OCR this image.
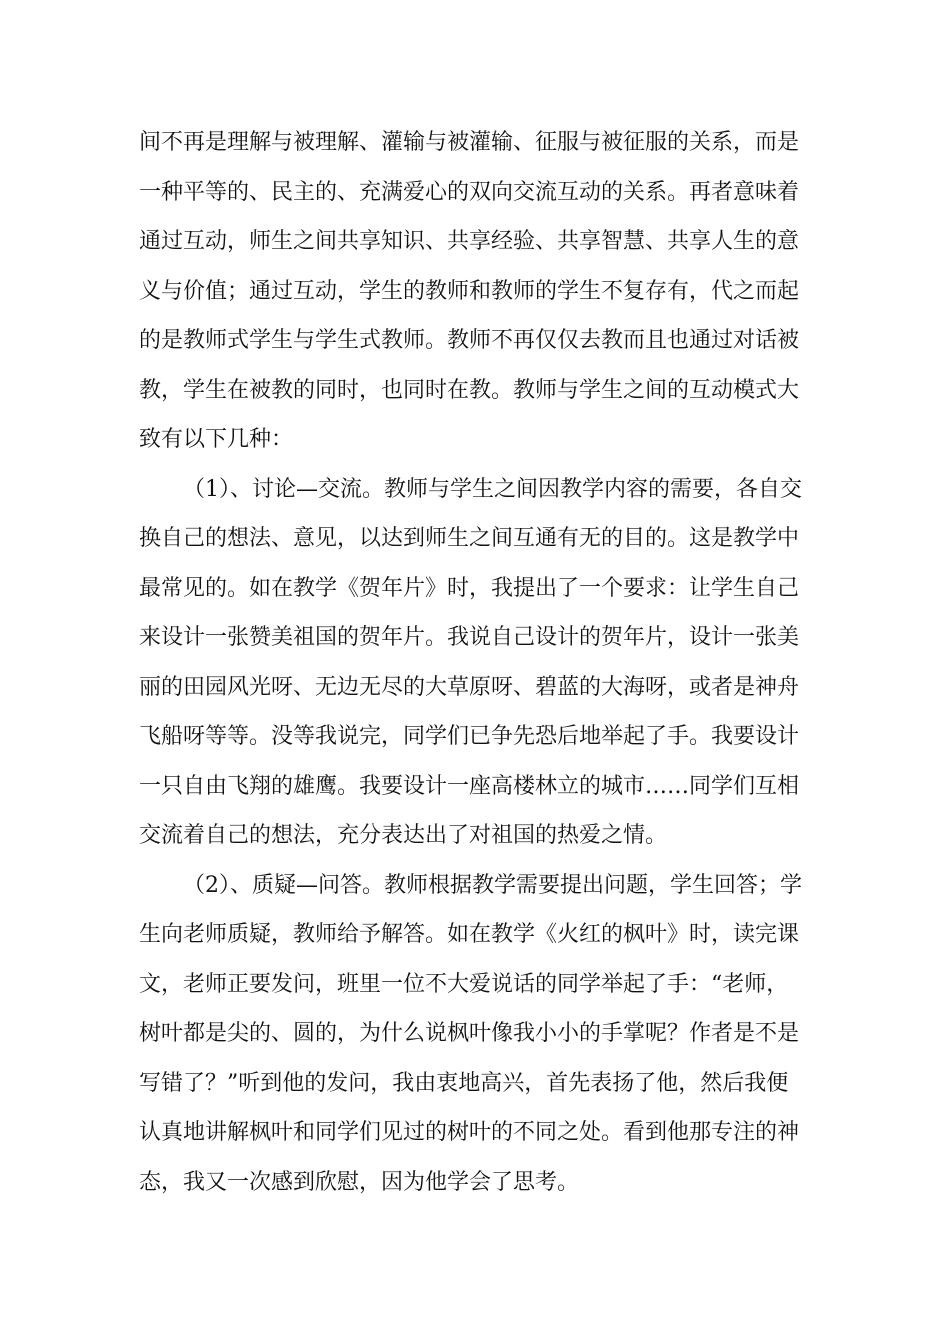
间不再是理解与被理解、灌输与被灌输、征服与被征服的关系，而是
一种平等的、民主的、充满爱心的双向交流互动的关系。再者意味着
通过互动，师生之间共享知识、共享经验、共享智慧、共享人生的意
义与价值；通过互动，学生的教师和教师的学生不复存有，代之而起
的是教师式学生与学生式教师。教师不再仅仅去教而且也通过对话被
教，学生在被教的同时，也同时在教。教师与学生之间的互动模式大
致有以下几种：
（1）、讨论—交流。教师与学生之间因教学内容的需要，各自交
换自己的想法、意见，以达到师生之间互通有无的目的。这是教学中
最常见的。如在教学《贺年片》时，我提出了一个要求：让学生自己
来设计一张赞美祖国的贺年片。我说自己设计的贺年片，设计一张美
丽的田园风光呀、无边无尽的大草原呀、碧蓝的大海呀，或者是神舟
飞船呀等等。没等我说完，同学们已争先恐后地举起了手。我要设计
一只自由飞翔的雄鹰。我要设计一座高楼林立的城市……同学们互相
交流着自己的想法，充分表达出了对祖国的热爱之情。
（2）、质疑—问答。教师根据教学需要提出问题，学生回答；学
生向老师质疑，教师给予解答。如在教学《火红的枫叶》时，读完课
文，老师正要发问，班里一位不大爱说话的同学举起了手：“老师，
树叶都是尖的、圆的，为什么说枫叶像我小小的手掌呢？作者是不是
写错了？”听到他的发问，我由衷地高兴，首先表扬了他，然后我便
认真地讲解枫叶和同学们见过的树叶的不同之处。看到他那专注的神
态，我又一次感到欣慰，因为他学会了思考。
